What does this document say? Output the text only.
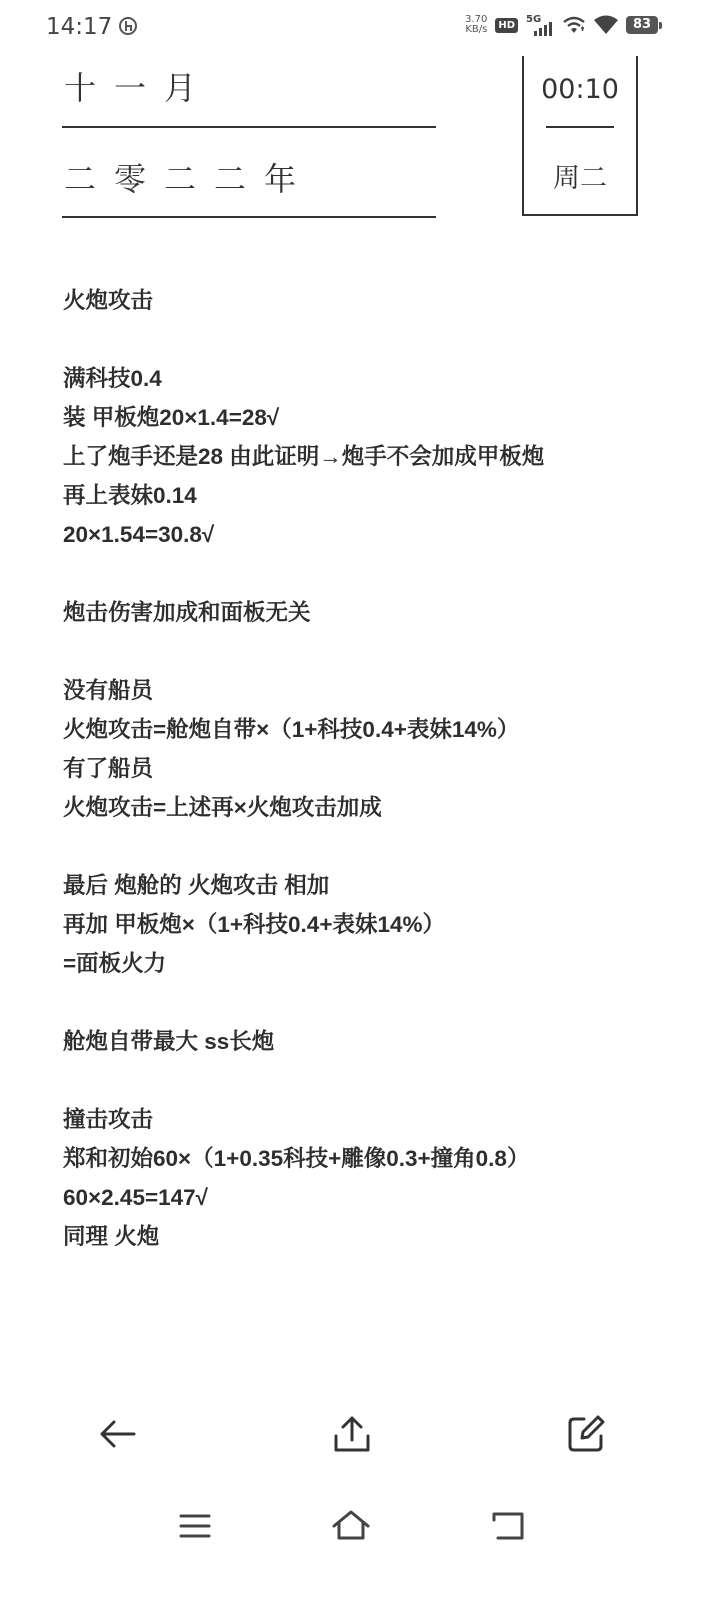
14:17	3.70
KB/s	HD	5G	83
十一月
二零二二年
00:10
周二
火炮攻击
满科技0.4
装 甲板炮20×1.4=28√
上了炮手还是28 由此证明→炮手不会加成甲板炮
再上表妹0.14
20×1.54=30.8√
炮击伤害加成和面板无关
没有船员
火炮攻击=舱炮自带×（1+科技0.4+表妹14%）
有了船员
火炮攻击=上述再×火炮攻击加成
最后 炮舱的 火炮攻击 相加
再加 甲板炮×（1+科技0.4+表妹14%）
=面板火力
舱炮自带最大 ss长炮
撞击攻击
郑和初始60×（1+0.35科技+雕像0.3+撞角0.8）
60×2.45=147√
同理 火炮
